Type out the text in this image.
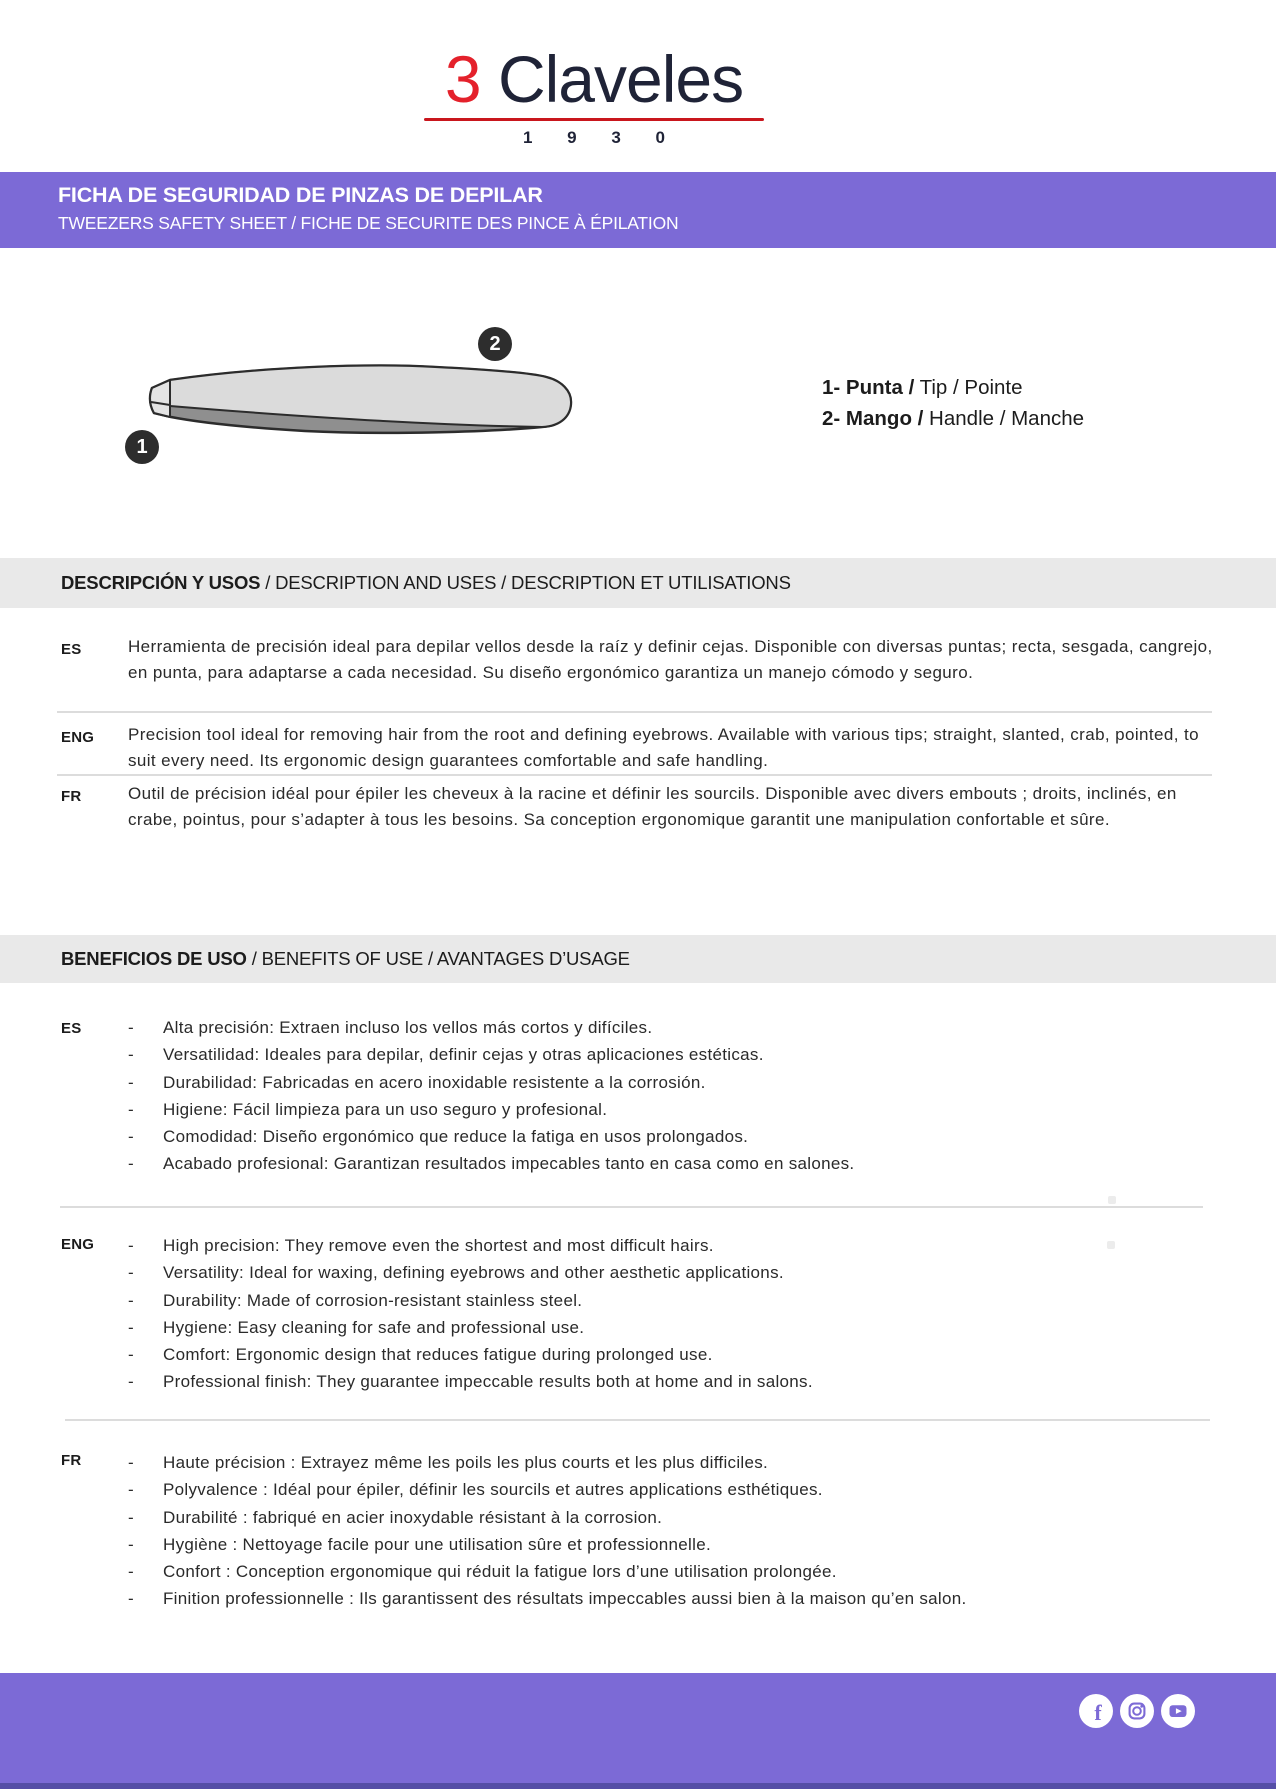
3 Claveles
1 9 3 0
FICHA DE SEGURIDAD DE PINZAS DE DEPILAR
TWEEZERS SAFETY SHEET / FICHE DE SECURITE DES PINCE À ÉPILATION
1
2
1- Punta / Tip / Pointe
2- Mango / Handle / Manche
DESCRIPCIÓN Y USOS / DESCRIPTION AND USES / DESCRIPTION ET UTILISATIONS
ES	Herramienta de precisión ideal para depilar vellos desde la raíz y definir cejas. Disponible con diversas puntas; recta, sesgada, cangrejo, en punta, para adaptarse a cada necesidad. Su diseño ergonómico garantiza un manejo cómodo y seguro.
ENG Precision tool ideal for removing hair from the root and defining eyebrows. Available with various tips; straight, slanted, crab, pointed, to suit every need. Its ergonomic design guarantees comfortable and safe handling.
FR	Outil de précision idéal pour épiler les cheveux à la racine et définir les sourcils. Disponible avec divers embouts ; droits, inclinés, en crabe, pointus, pour s’adapter à tous les besoins. Sa conception ergonomique garantit une manipulation confortable et sûre.
BENEFICIOS DE USO / BENEFITS OF USE / AVANTAGES D’USAGE
ES	-	Alta precisión: Extraen incluso los vellos más cortos y difíciles.
-	Versatilidad: Ideales para depilar, definir cejas y otras aplicaciones estéticas.
-	Durabilidad: Fabricadas en acero inoxidable resistente a la corrosión.
-	Higiene: Fácil limpieza para un uso seguro y profesional.
-	Comodidad: Diseño ergonómico que reduce la fatiga en usos prolongados.
-	Acabado profesional: Garantizan resultados impecables tanto en casa como en salones.
ENG -	High precision: They remove even the shortest and most difficult hairs.
-	Versatility: Ideal for waxing, defining eyebrows and other aesthetic applications.
-	Durability: Made of corrosion-resistant stainless steel.
-	Hygiene: Easy cleaning for safe and professional use.
-	Comfort: Ergonomic design that reduces fatigue during prolonged use.
-	Professional finish: They guarantee impeccable results both at home and in salons.
FR	-	Haute précision : Extrayez même les poils les plus courts et les plus difficiles.
-	Polyvalence : Idéal pour épiler, définir les sourcils et autres applications esthétiques.
-	Durabilité : fabriqué en acier inoxydable résistant à la corrosion.
-	Hygiène : Nettoyage facile pour une utilisation sûre et professionnelle.
-	Confort : Conception ergonomique qui réduit la fatigue lors d’une utilisation prolongée.
-	Finition professionnelle : Ils garantissent des résultats impeccables aussi bien à la maison qu’en salon.
f
